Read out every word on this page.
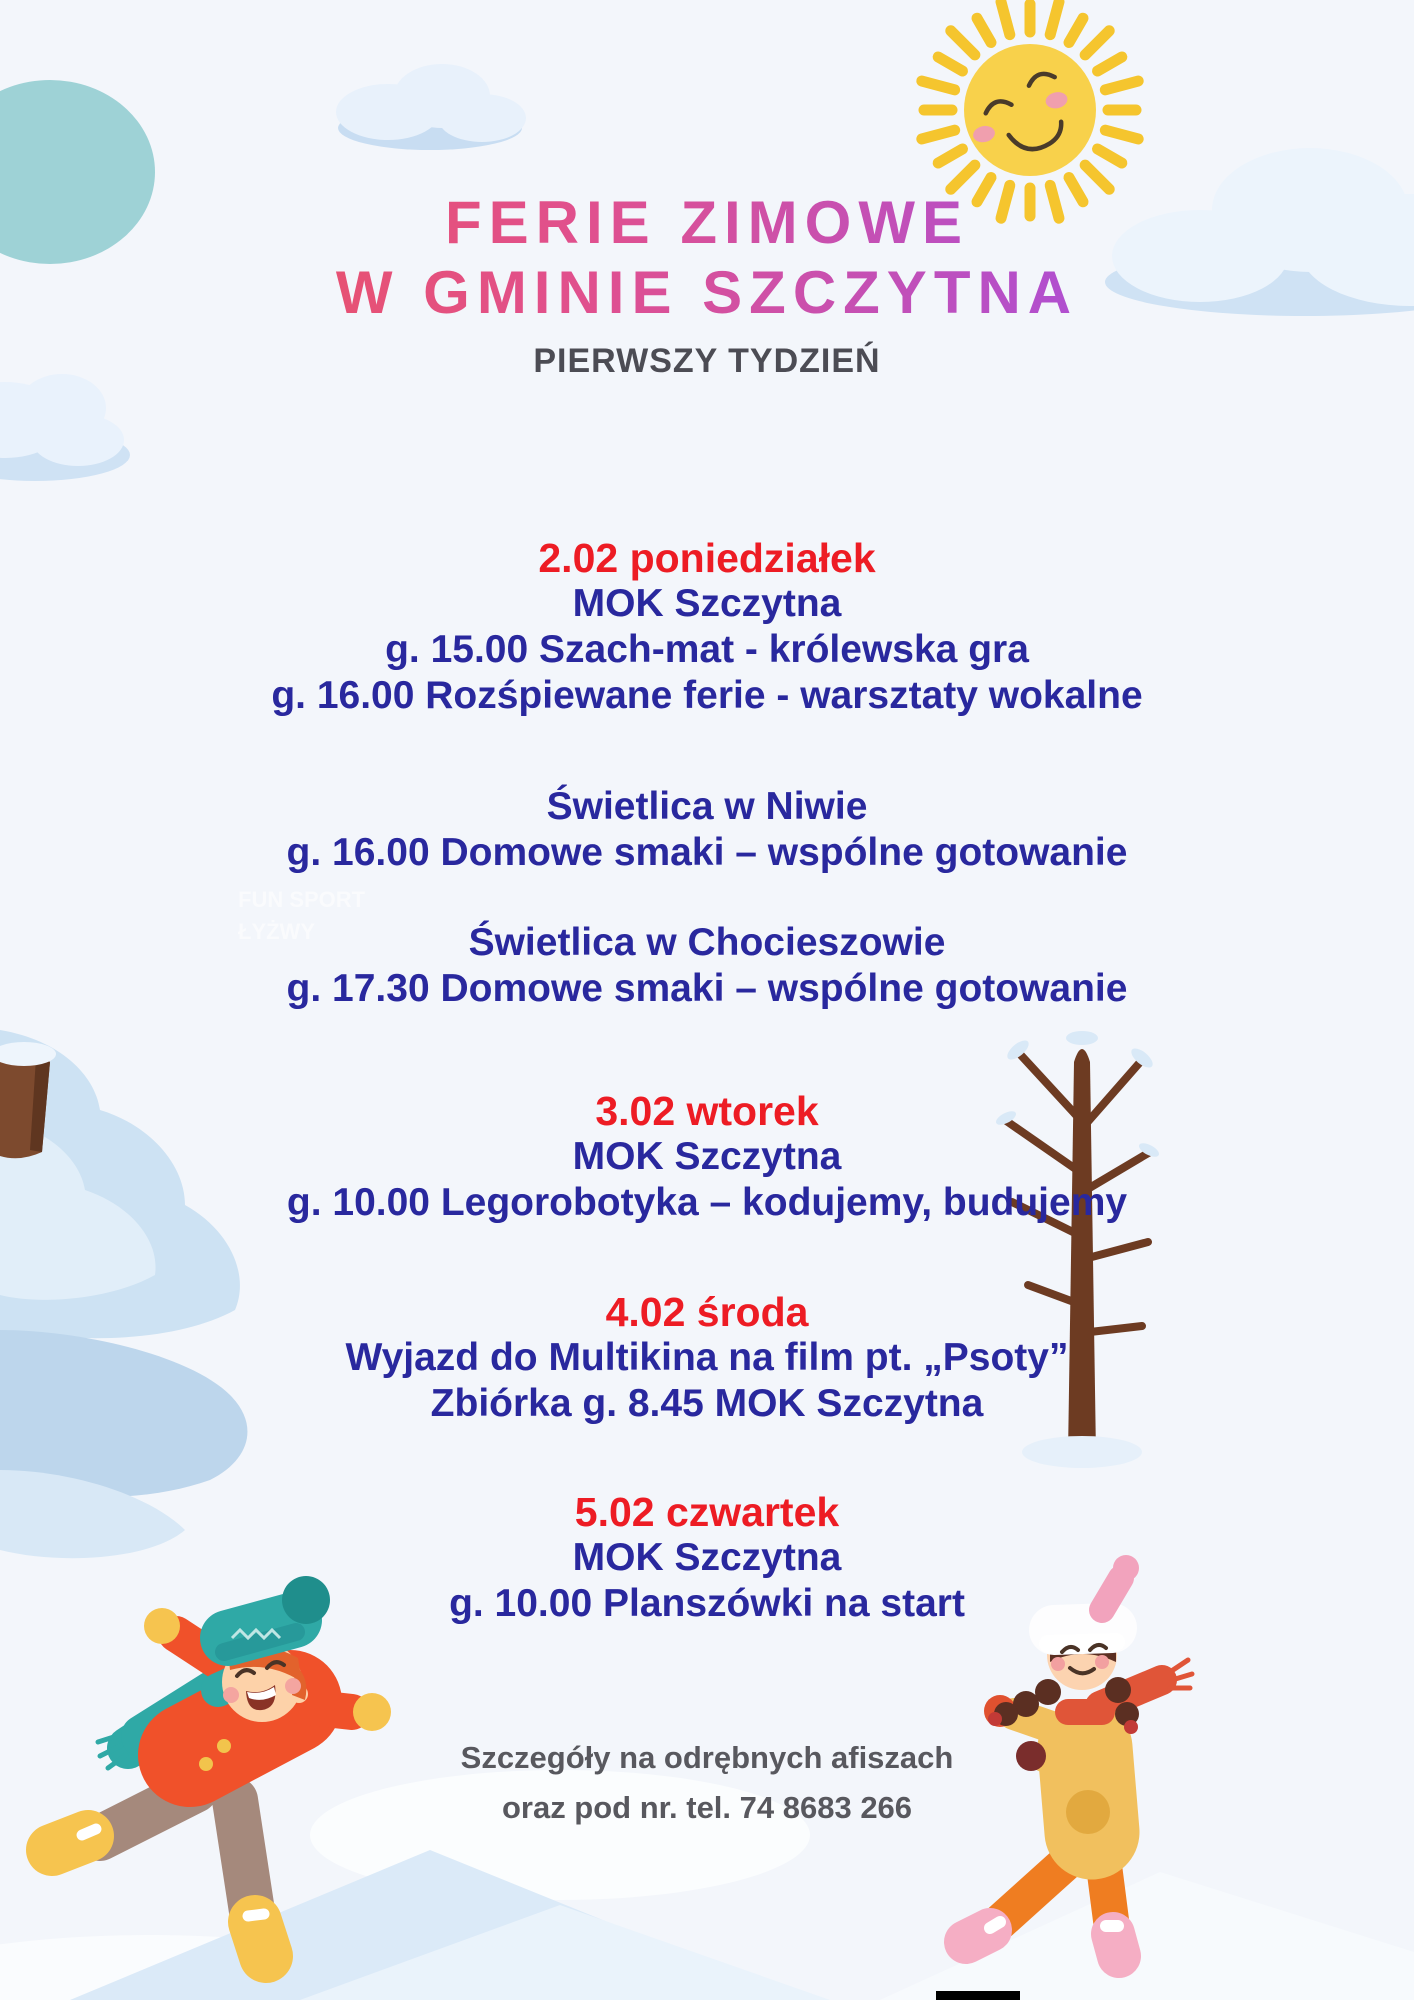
FUN SPORT
ŁYŻWY
FERIE ZIMOWE
W GMINIE SZCZYTNA
PIERWSZY TYDZIEŃ
2.02 poniedziałek
MOK Szczytna
g. 15.00 Szach-mat - królewska gra
g. 16.00 Rozśpiewane ferie - warsztaty wokalne
Świetlica w Niwie
g. 16.00 Domowe smaki – wspólne gotowanie
Świetlica w Chocieszowie
g. 17.30 Domowe smaki – wspólne gotowanie
3.02 wtorek
MOK Szczytna
g. 10.00 Legorobotyka – kodujemy, budujemy
4.02 środa
Wyjazd do Multikina na film pt. „Psoty”
Zbiórka g. 8.45 MOK Szczytna
5.02 czwartek
MOK Szczytna
g. 10.00 Planszówki na start
Szczegóły na odrębnych afiszach
oraz pod nr. tel. 74 8683 266
